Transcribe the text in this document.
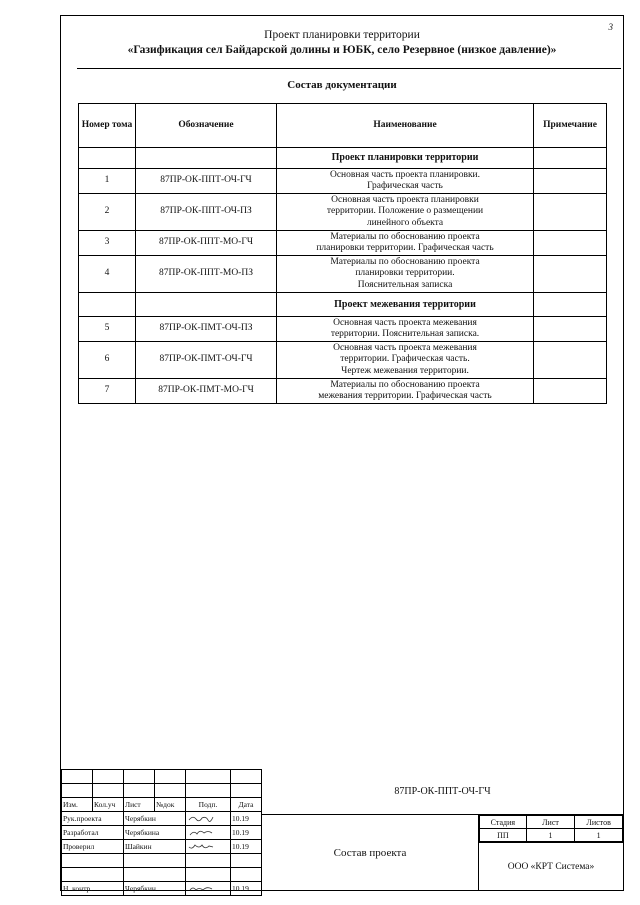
3
Проект планировки территории
«Газификация сел Байдарской долины и ЮБК, село Резервное (низкое давление)»
Состав документации
Номер тома	Обозначение	Наименование	Примечание
		Проект планировки территории	
1	87ПР-ОК-ППТ-ОЧ-ГЧ	Основная часть проекта планировки.
Графическая часть	

2	87ПР-ОК-ППТ-ОЧ-ПЗ	Основная часть проекта планировки
территории. Положение о размещении
линейного объекта	

3	87ПР-ОК-ППТ-МО-ГЧ	Материалы по обоснованию проекта
планировки территории. Графическая часть	

4	87ПР-ОК-ППТ-МО-ПЗ	Материалы по обоснованию проекта
планировки территории.
Пояснительная записка	

		Проект межевания территории	
5	87ПР-ОК-ПМТ-ОЧ-ПЗ	Основная часть проекта межевания
территории. Пояснительная записка.	

6	87ПР-ОК-ПМТ-ОЧ-ГЧ	Основная часть проекта межевания
территории. Графическая часть.
Чертеж межевания территории.	

7	87ПР-ОК-ПМТ-МО-ГЧ	Материалы по обоснованию проекта
межевания территории. Графическая часть	

Изм.	Кол.уч	Лист	№док	Подп.	Дата
Рук.проекта		Черябкин			10.19
Разработал		Черябкина			10.19
Проверил		Шайкин			10.19

Н. контр.		Черябкин			10.19
87ПР-ОК-ППТ-ОЧ-ГЧ
Состав проекта
Стадия	Лист	Листов
ПП	1	1
ООО «КРТ Система»
